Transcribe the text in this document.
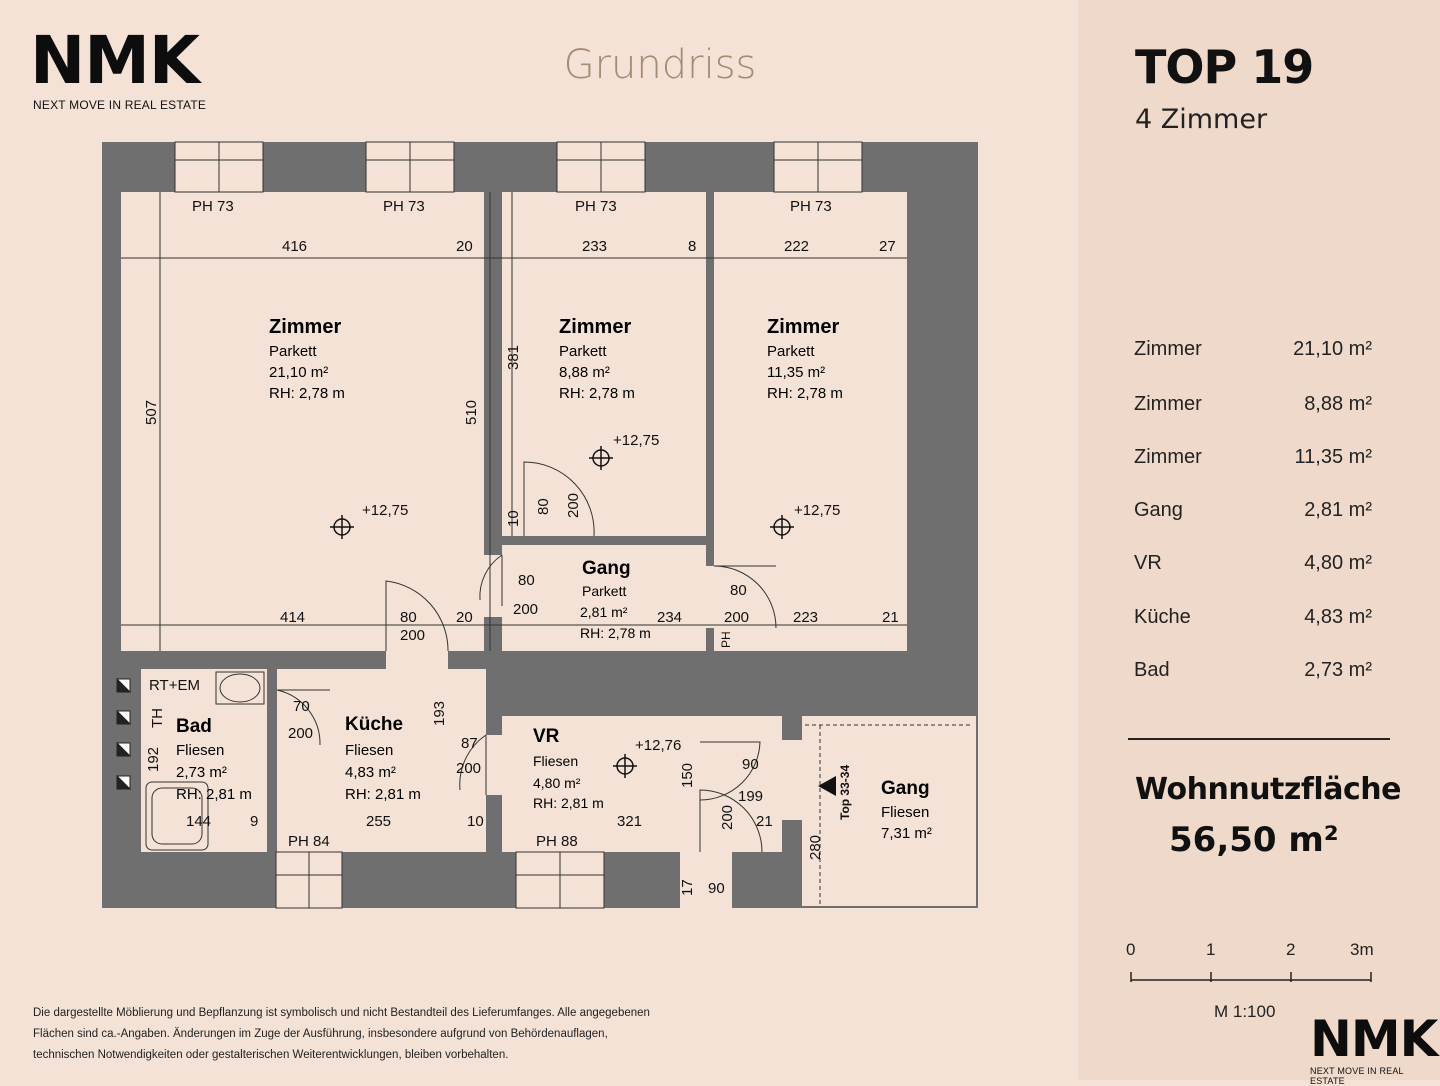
NMK
NEXT MOVE IN REAL ESTATE
Grundriss	TOP 19
4 Zimmer
Zimmer	21,10 m²
Zimmer	8,88 m²
Zimmer	11,35 m²
Gang	2,81 m²
VR	4,80 m²
Küche	4,83 m²
Bad	2,73 m²
Wohnnutzfläche
56,50 m²
0	1	2	3m
M 1:100 NMK
NEXT MOVE IN REAL ESTATE
Die dargestellte Möblierung und Bepflanzung ist symbolisch und nicht Bestandteil des Lieferumfanges. Alle angegebenen
Flächen sind ca.-Angaben. Änderungen im Zuge der Ausführung, insbesondere aufgrund von Behördenauflagen,
technischen Notwendigkeiten oder gestalterischen Weiterentwicklungen, bleiben vorbehalten.
Zimmer
Parkett
21,10 m²
RH: 2,78 m
Zimmer
Parkett
8,88 m²
RH: 2,78 m
Zimmer
Parkett
11,35 m²
RH: 2,78 m
Gang
Parkett
2,81 m²
RH: 2,78 m
Bad
Fliesen
2,73 m²
RH: 2,81 m
Küche
Fliesen
4,83 m²
RH: 2,81 m
VR
Fliesen
4,80 m²
RH: 2,81 m
Gang
Fliesen
7,31 m²
PH 73	PH 73	PH 73	PH 73
416	20	233	8	222	27
507	510
381
10
80 200
414	80
200
20
80
200	234
80
200	223	21
+12,75
+12,75
+12,75
+12,76
RT+EM
TH
192
144	9
70
200
193
87
200
255	10	321
90
199
150
200 21
280
17 90
PH 84	PH 88
PH
Top 33-34
